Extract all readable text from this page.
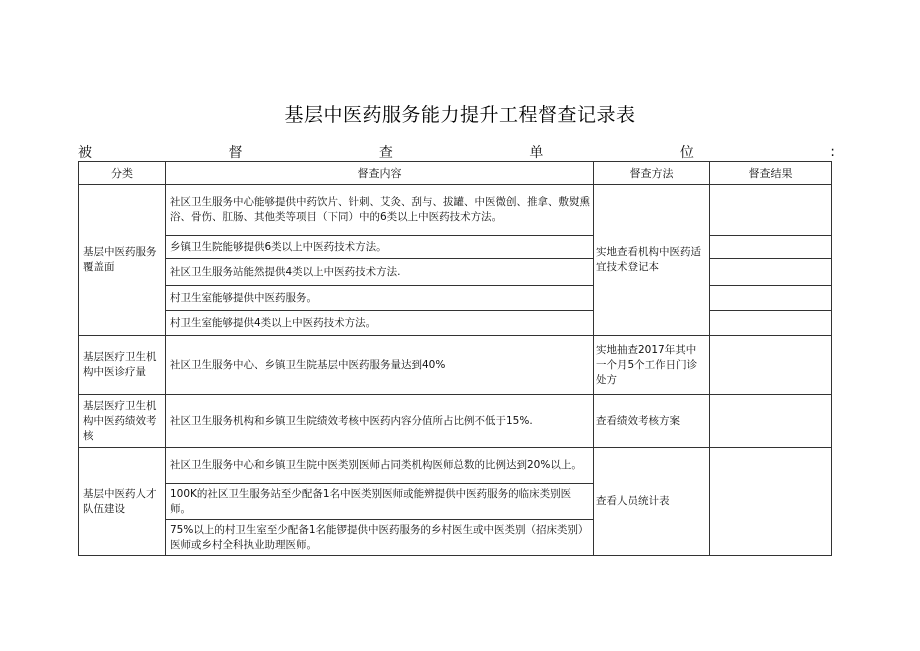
基层中医药服务能力提升工程督查记录表
被	督	查	单	位	:
分类	督查内容	督查方法	督查结果
基层中医药服务覆盖面	社区卫生服务中心能够提供中药饮片、针刺、艾灸、刮与、拔罐、中医微创、推拿、敷熨熏浴、骨伤、肛肠、其他类等项目（下同）中的6类以上中医药技术方法。	实地查看机构中医药适宜技术登记本	
	乡镇卫生院能够提供6类以上中医药技术方法。		
	社区卫生服务站能然提供4类以上中医药技术方法.		
	村卫生室能够提供中医药服务。		
	村卫生室能够提供4类以上中医药技术方法。		
基层医疗卫生机构中医诊疗量	社区卫生服务中心、乡镇卫生院基层中医药服务量达到40%	实地抽查2017年其中一个月5个工作日门诊处方	
基层医疗卫生机构中医药绩效考核	社区卫生服务机构和乡镇卫生院绩效考核中医药内容分值所占比例不低于15%.	查看绩效考核方案	
基层中医药人才队伍建设	社区卫生服务中心和乡镇卫生院中医类别医师占同类机构医师总数的比例达到20%以上。	查看人员统计表	
	100K的社区卫生服务站至少配备1名中医类别医师或能辨提供中医药服务的临床类别医师。		
	75%以上的村卫生室至少配备1名能锣提供中医药服务的乡村医生或中医类别（招床类别）医师或乡村全科执业助理医师。		
